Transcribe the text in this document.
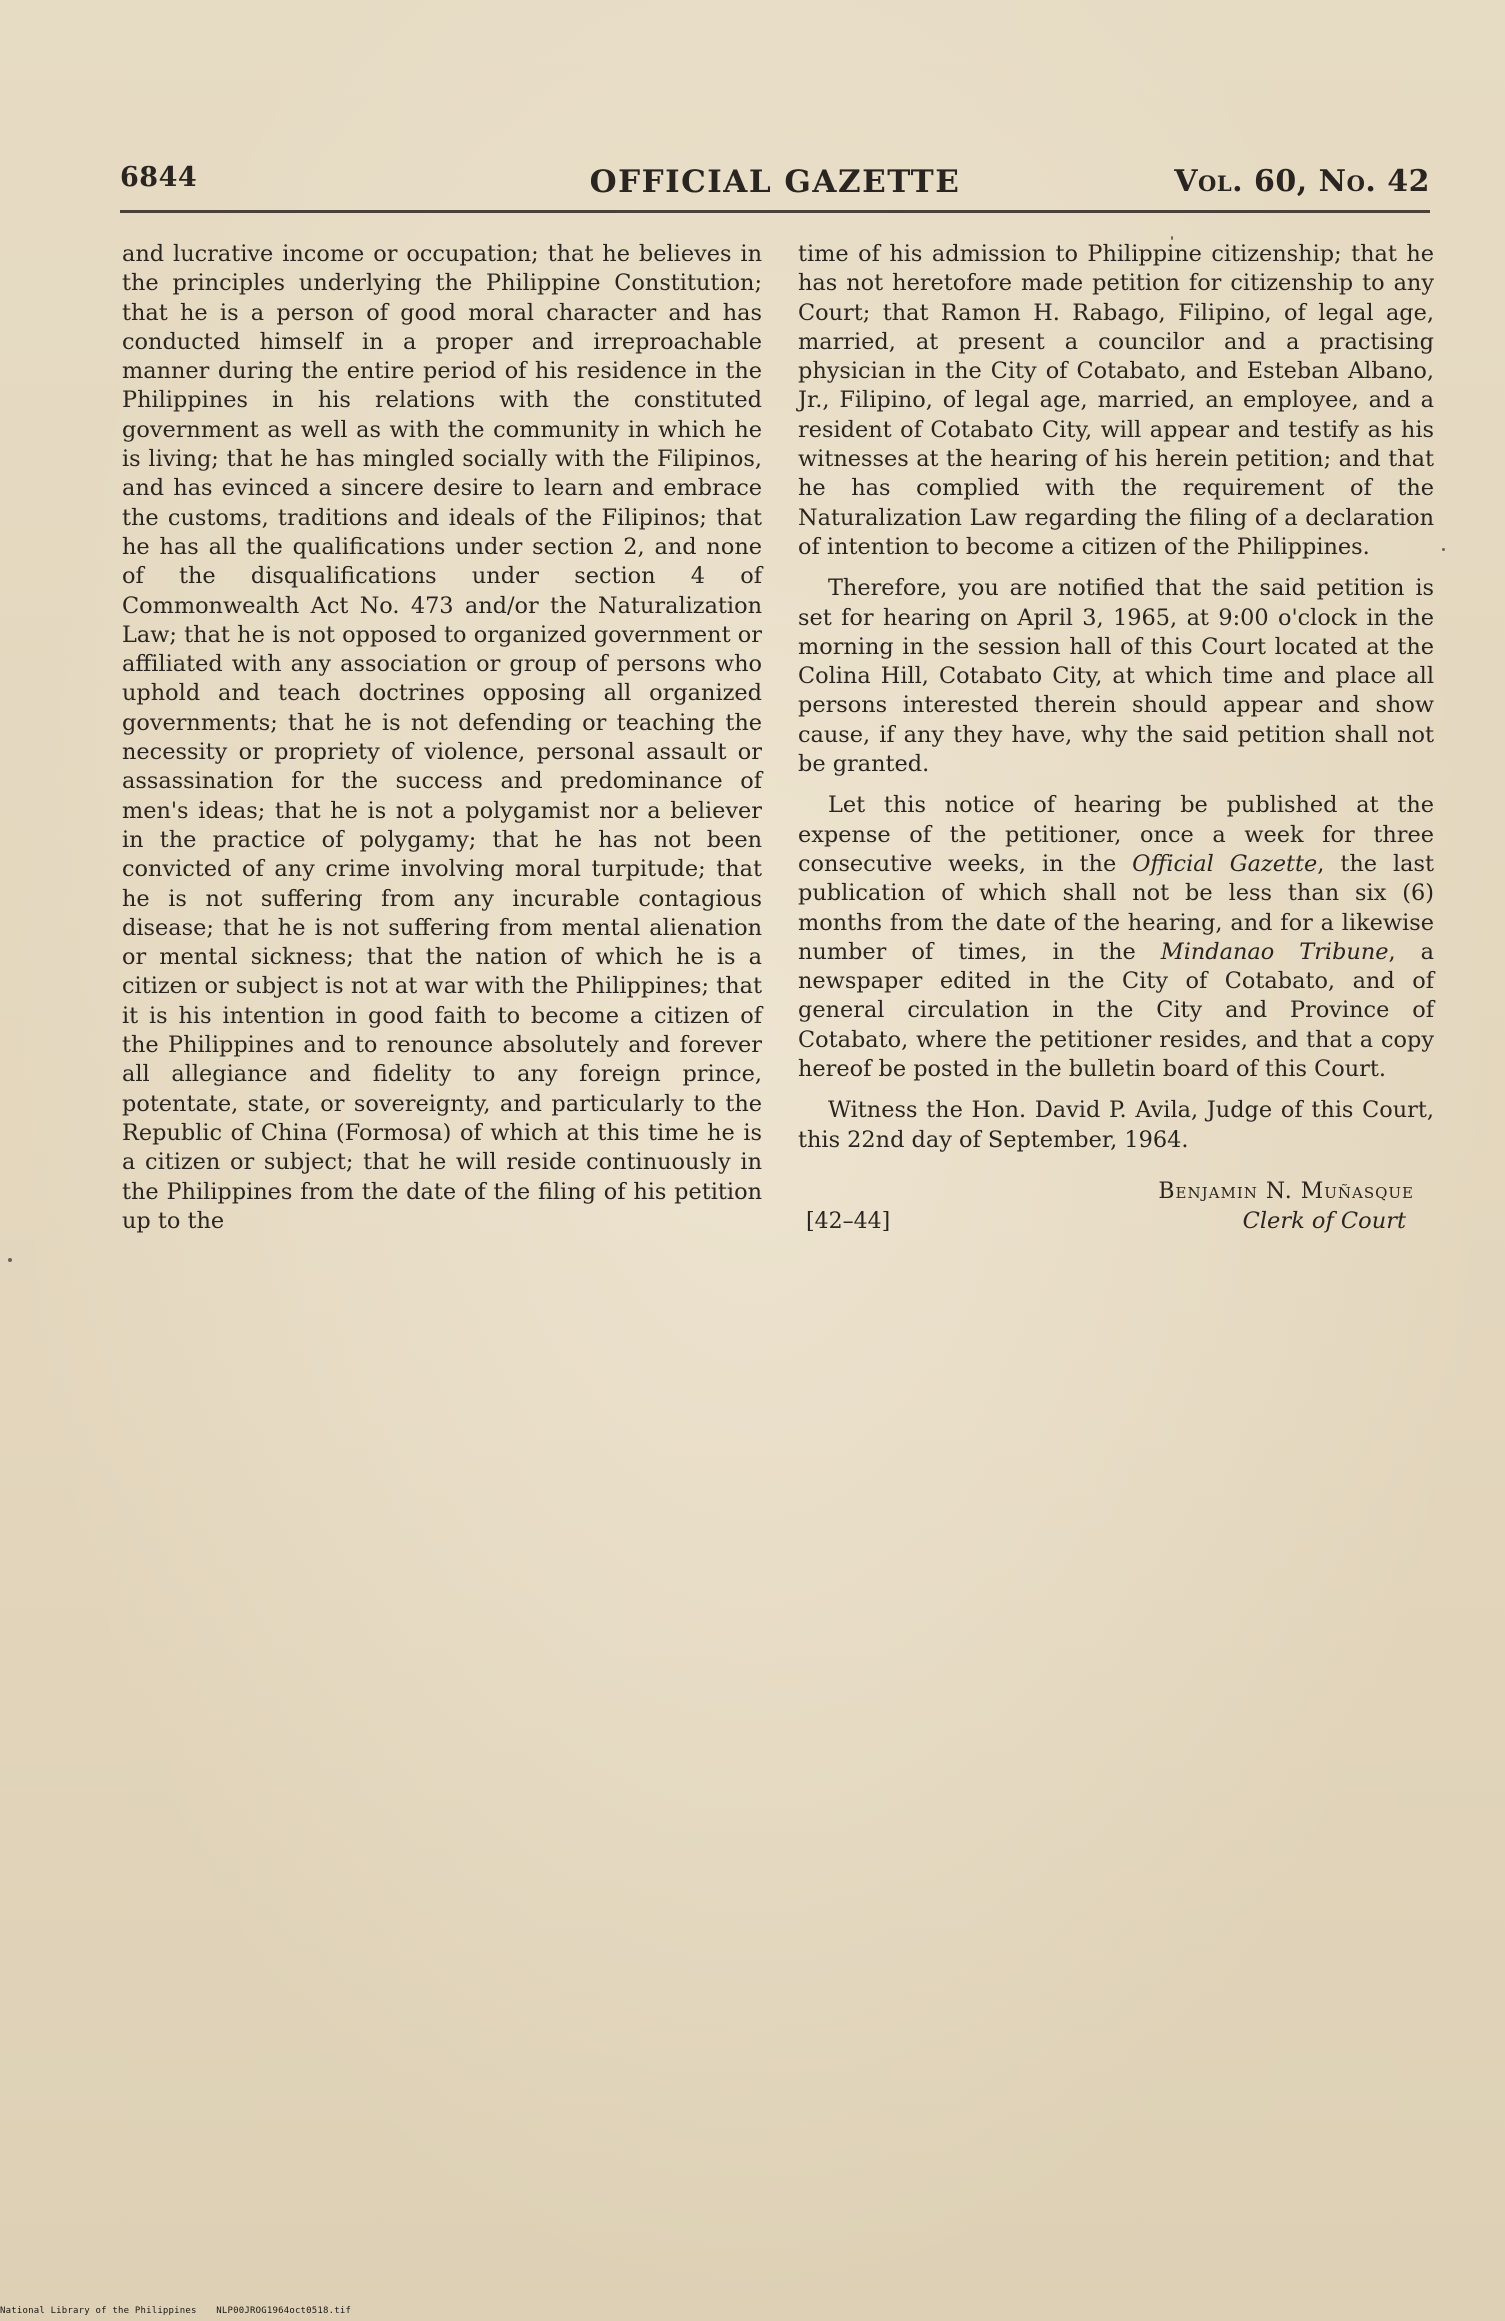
6844	OFFICIAL GAZETTE	Vol. 60, No. 42

and lucrative income or occupation; that he believes in the principles underlying the Philippine Constitution; that he is a person of good moral character and has conducted himself in a proper and irreproachable manner during the entire period of his residence in the Philippines in his relations with the constituted government as well as with the community in which he is living; that he has mingled socially with the Filipinos, and has evinced a sincere desire to learn and embrace the customs, traditions and ideals of the Filipinos; that he has all the qualifications under section 2, and none of the disqualifications under section 4 of Commonwealth Act No. 473 and/or the Naturalization Law; that he is not opposed to organized government or affiliated with any association or group of persons who uphold and teach doctrines opposing all organized governments; that he is not defending or teaching the necessity or propriety of violence, personal assault or assassination for the success and predominance of men's ideas; that he is not a polygamist nor a believer in the practice of polygamy; that he has not been convicted of any crime involving moral turpitude; that he is not suffering from any incurable contagious disease; that he is not suffering from mental alienation or mental sickness; that the nation of which he is a citizen or subject is not at war with the Philippines; that it is his intention in good faith to become a citizen of the Philippines and to renounce absolutely and forever all allegiance and fidelity to any foreign prince, potentate, state, or sovereignty, and particularly to the Republic of China (Formosa) of which at this time he is a citizen or subject; that he will reside continuously in the Philippines from the date of the filing of his petition up to the

time of his admission to Philippine citizenship; that he has not heretofore made petition for citizenship to any Court; that Ramon H. Rabago, Filipino, of legal age, married, at present a councilor and a practising physician in the City of Cotabato, and Esteban Albano, Jr., Filipino, of legal age, married, an employee, and a resident of Cotabato City, will appear and testify as his witnesses at the hearing of his herein petition; and that he has complied with the requirement of the Naturalization Law regarding the filing of a declaration of intention to become a citizen of the Philippines.

Therefore, you are notified that the said petition is set for hearing on April 3, 1965, at 9:00 o'clock in the morning in the session hall of this Court located at the Colina Hill, Cotabato City, at which time and place all persons interested therein should appear and show cause, if any they have, why the said petition shall not be granted.

Let this notice of hearing be published at the expense of the petitioner, once a week for three consecutive weeks, in the Official Gazette, the last publication of which shall not be less than six (6) months from the date of the hearing, and for a likewise number of times, in the Mindanao Tribune, a newspaper edited in the City of Cotabato, and of general circulation in the City and Province of Cotabato, where the petitioner resides, and that a copy hereof be posted in the bulletin board of this Court.

Witness the Hon. David P. Avila, Judge of this Court, this 22nd day of September, 1964.

Benjamin N. Muñasque
[42–44]	Clerk of Court
National Library of the Philippines NLP00JROG1964oct0518.tif
